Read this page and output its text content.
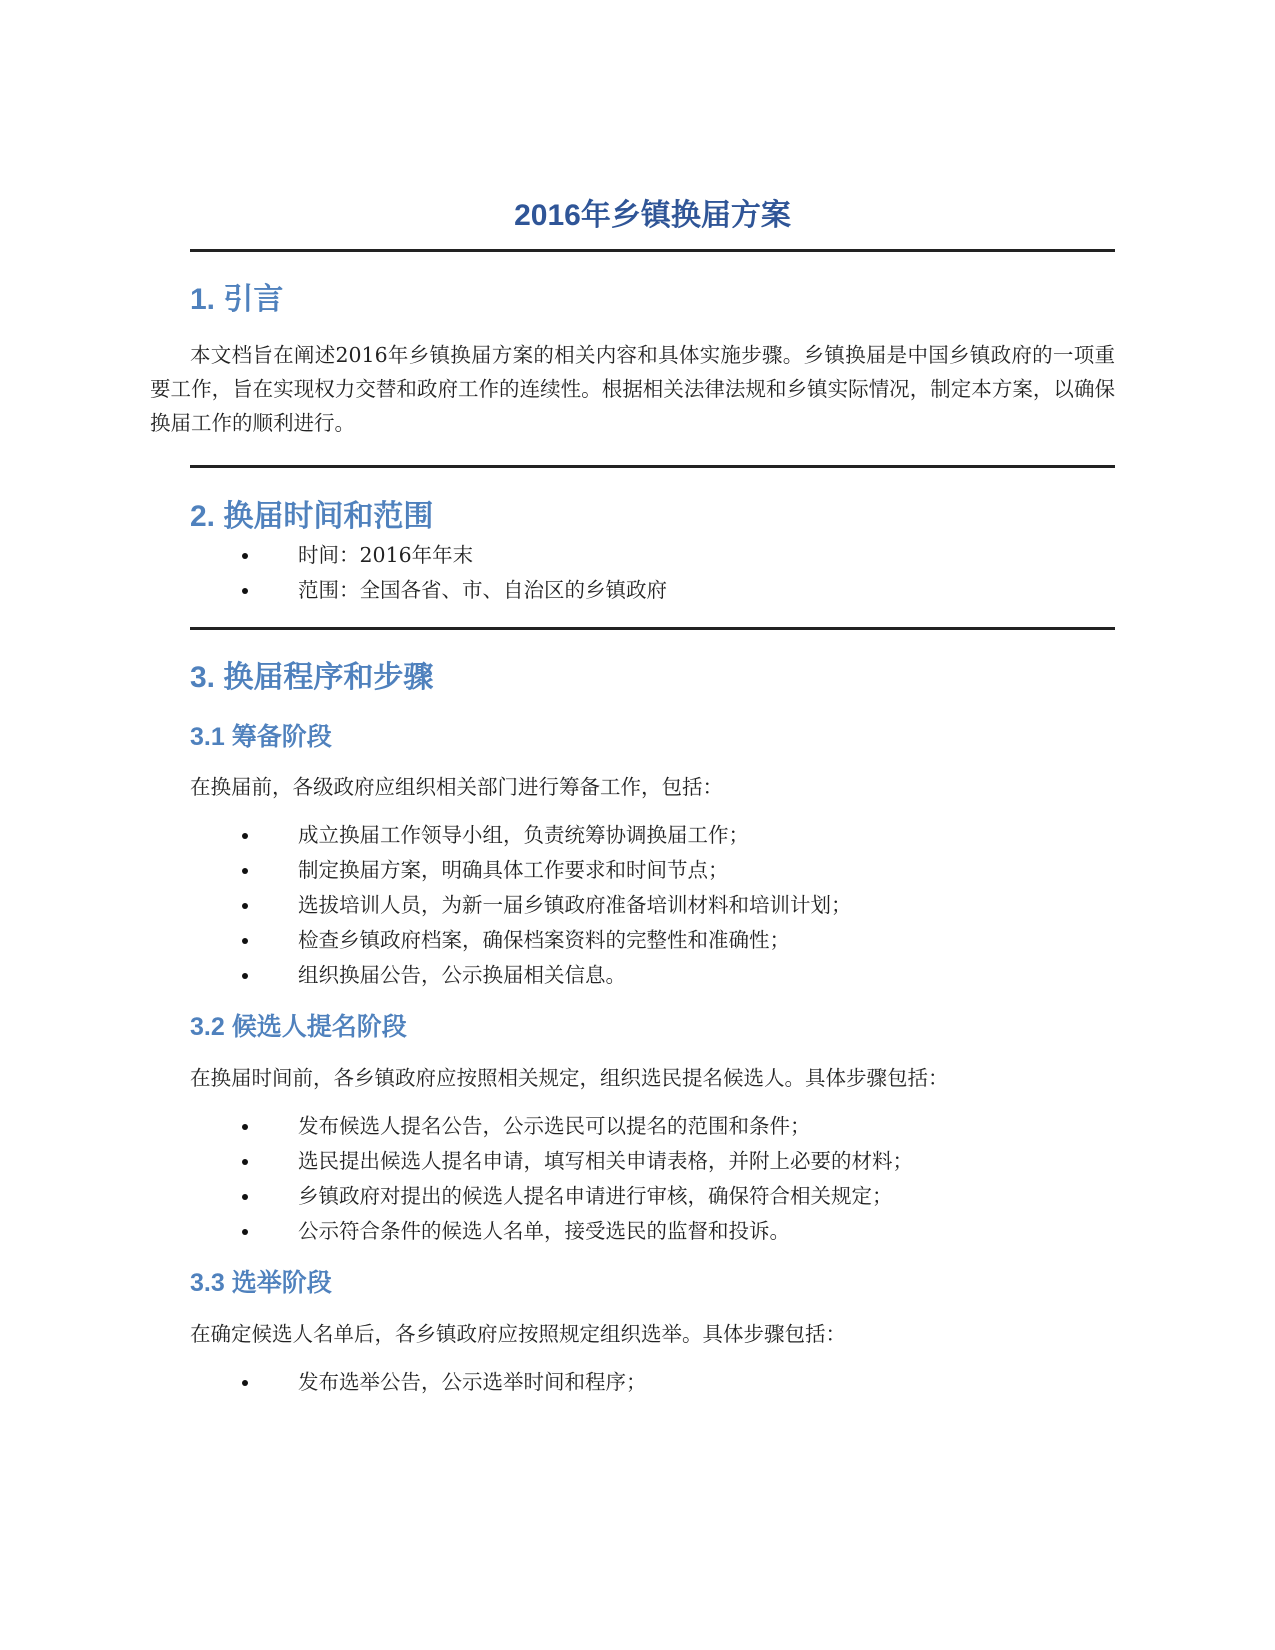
2016年乡镇换届方案
1. 引言

本文档旨在阐述2016年乡镇换届方案的相关内容和具体实施步骤。乡镇换届是中国乡镇政府的一项重要工作，旨在实现权力交替和政府工作的连续性。根据相关法律法规和乡镇实际情况，制定本方案，以确保换届工作的顺利进行。

2. 换届时间和范围
时间：2016年年末
范围：全国各省、市、自治区的乡镇政府
3. 换届程序和步骤
3.1 筹备阶段

在换届前，各级政府应组织相关部门进行筹备工作，包括：

成立换届工作领导小组，负责统筹协调换届工作；
制定换届方案，明确具体工作要求和时间节点；
选拔培训人员，为新一届乡镇政府准备培训材料和培训计划；
检查乡镇政府档案，确保档案资料的完整性和准确性；
组织换届公告，公示换届相关信息。
3.2 候选人提名阶段

在换届时间前，各乡镇政府应按照相关规定，组织选民提名候选人。具体步骤包括：

发布候选人提名公告，公示选民可以提名的范围和条件；
选民提出候选人提名申请，填写相关申请表格，并附上必要的材料；
乡镇政府对提出的候选人提名申请进行审核，确保符合相关规定；
公示符合条件的候选人名单，接受选民的监督和投诉。
3.3 选举阶段

在确定候选人名单后，各乡镇政府应按照规定组织选举。具体步骤包括：

发布选举公告，公示选举时间和程序；
